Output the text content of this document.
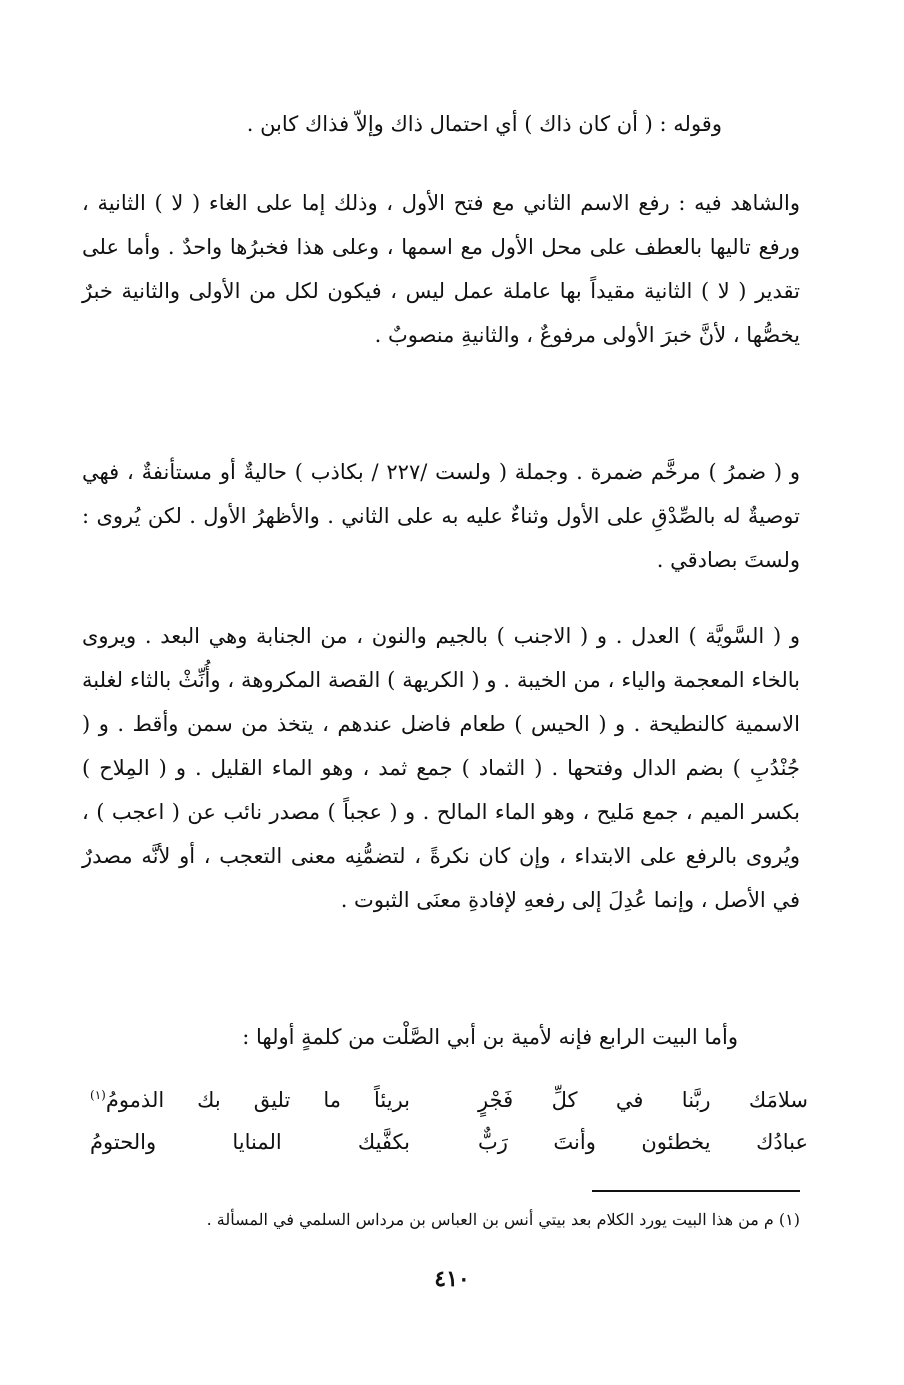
وقوله : ( أن كان ذاك ) أي احتمال ذاك وإلاّ فذاك كابن .

والشاهد فيه : رفع الاسم الثاني مع فتح الأول ، وذلك إما على الغاء ( لا ) الثانية ، ورفع تاليها بالعطف على محل الأول مع اسمها ، وعلى هذا فخبرُها واحدٌ . وأما على تقدير ( لا ) الثانية مقيداً بها عاملة عمل ليس ، فيكون لكل من الأولى والثانية خبرٌ يخصُّها ، لأنَّ خبرَ الأولى مرفوعٌ ، والثانيةِ منصوبٌ .

و ( ضمرُ ) مرخَّم ضمرة . وجملة ( ولست /٢٢٧ / بكاذب ) حاليةٌ أو مستأنفةٌ ، فهي توصيةٌ له بالصِّدْقِ على الأول وثناءٌ عليه به على الثاني . والأظهرُ الأول . لكن يُروى : ولستَ بصادقي .

و ( السَّويَّة ) العدل . و ( الاجنب ) بالجيم والنون ، من الجنابة وهي البعد . ويروى بالخاء المعجمة والياء ، من الخيبة . و ( الكريهة ) القصة المكروهة ، وأُنِّثْ بالثاء لغلبة الاسمية كالنطيحة . و ( الحيس ) طعام فاضل عندهم ، يتخذ من سمن وأقط . و ( جُنْدُبِ ) بضم الدال وفتحها . ( الثماد ) جمع ثمد ، وهو الماء القليل . و ( المِلاح ) بكسر الميم ، جمع مَليح ، وهو الماء المالح . و ( عجباً ) مصدر نائب عن ( اعجب ) ، ويُروى بالرفع على الابتداء ، وإن كان نكرةً ، لتضمُّنِه معنى التعجب ، أو لأنَّه مصدرٌ في الأصل ، وإنما عُدِلَ إلى رفعهِ لإفادةِ معنَى الثبوت .

وأما البيت الرابع فإنه لأمية بن أبي الصَّلْت من كلمةٍ أولها :

سلامَك ربَّنا في كلِّ فَجْرٍ
بريئاً ما تليق بك الذمومُ$^{(١)}$
عبادُك يخطئون وأنتَ رَبٌّ
بكفَّيك المنايا والحتومُ

(١) م من هذا البيت يورد الكلام بعد بيتي أنس بن العباس بن مرداس السلمي في المسألة .

٤١٠
